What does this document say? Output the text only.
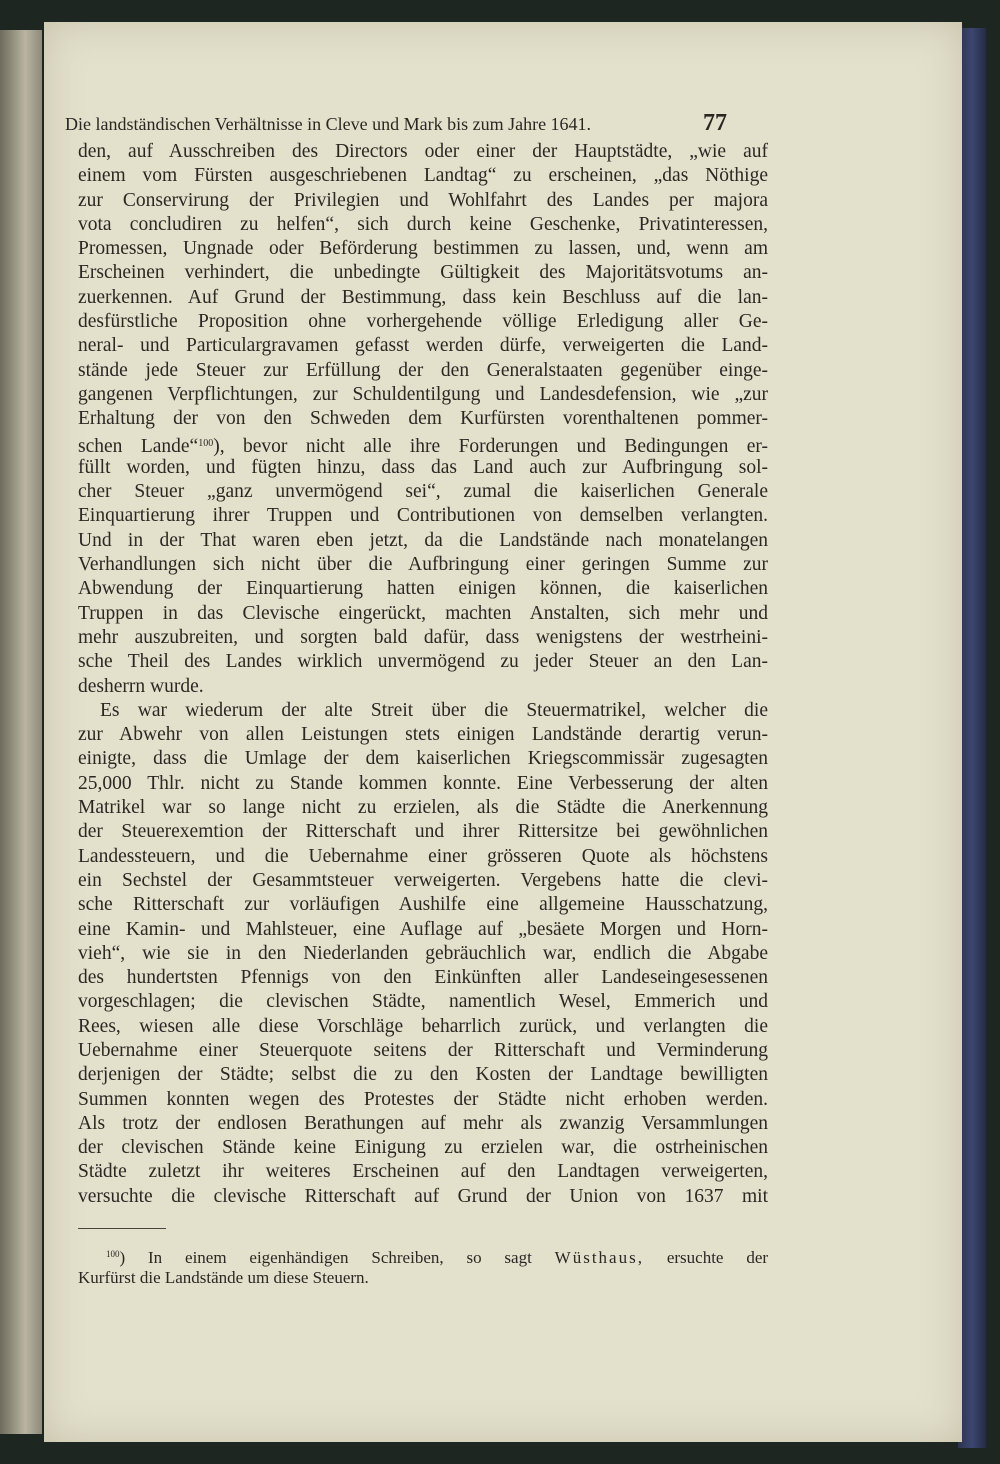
Die landständischen Verhältnisse in Cleve und Mark bis zum Jahre 1641.	77
den, auf Ausschreiben des Directors oder einer der Hauptstädte, „wie auf
einem vom Fürsten ausgeschriebenen Landtag“ zu erscheinen, „das Nöthige
zur Conservirung der Privilegien und Wohlfahrt des Landes per majora
vota concludiren zu helfen“, sich durch keine Geschenke, Privatinteressen,
Promessen, Ungnade oder Beförderung bestimmen zu lassen, und, wenn am
Erscheinen verhindert, die unbedingte Gültigkeit des Majoritätsvotums an-
zuerkennen. Auf Grund der Bestimmung, dass kein Beschluss auf die lan-
desfürstliche Proposition ohne vorhergehende völlige Erledigung aller Ge-
neral- und Particulargravamen gefasst werden dürfe, verweigerten die Land-
stände jede Steuer zur Erfüllung der den Generalstaaten gegenüber einge-
gangenen Verpflichtungen, zur Schuldentilgung und Landesdefension, wie „zur
Erhaltung der von den Schweden dem Kurfürsten vorenthaltenen pommer-
schen Lande“$^{100}$), bevor nicht alle ihre Forderungen und Bedingungen er-
füllt worden, und fügten hinzu, dass das Land auch zur Aufbringung sol-
cher Steuer „ganz unvermögend sei“, zumal die kaiserlichen Generale
Einquartierung ihrer Truppen und Contributionen von demselben verlangten.
Und in der That waren eben jetzt, da die Landstände nach monatelangen
Verhandlungen sich nicht über die Aufbringung einer geringen Summe zur
Abwendung der Einquartierung hatten einigen können, die kaiserlichen
Truppen in das Clevische eingerückt, machten Anstalten, sich mehr und
mehr auszubreiten, und sorgten bald dafür, dass wenigstens der westrheini-
sche Theil des Landes wirklich unvermögend zu jeder Steuer an den Lan-
desherrn wurde.
Es war wiederum der alte Streit über die Steuermatrikel, welcher die
zur Abwehr von allen Leistungen stets einigen Landstände derartig verun-
einigte, dass die Umlage der dem kaiserlichen Kriegscommissär zugesagten
25,000 Thlr. nicht zu Stande kommen konnte. Eine Verbesserung der alten
Matrikel war so lange nicht zu erzielen, als die Städte die Anerkennung
der Steuerexemtion der Ritterschaft und ihrer Rittersitze bei gewöhnlichen
Landessteuern, und die Uebernahme einer grösseren Quote als höchstens
ein Sechstel der Gesammtsteuer verweigerten. Vergebens hatte die clevi-
sche Ritterschaft zur vorläufigen Aushilfe eine allgemeine Hausschatzung,
eine Kamin- und Mahlsteuer, eine Auflage auf „besäete Morgen und Horn-
vieh“, wie sie in den Niederlanden gebräuchlich war, endlich die Abgabe
des hundertsten Pfennigs von den Einkünften aller Landeseingesessenen
vorgeschlagen; die clevischen Städte, namentlich Wesel, Emmerich und
Rees, wiesen alle diese Vorschläge beharrlich zurück, und verlangten die
Uebernahme einer Steuerquote seitens der Ritterschaft und Verminderung
derjenigen der Städte; selbst die zu den Kosten der Landtage bewilligten
Summen konnten wegen des Protestes der Städte nicht erhoben werden.
Als trotz der endlosen Berathungen auf mehr als zwanzig Versammlungen
der clevischen Stände keine Einigung zu erzielen war, die ostrheinischen
Städte zuletzt ihr weiteres Erscheinen auf den Landtagen verweigerten,
versuchte die clevische Ritterschaft auf Grund der Union von 1637 mit
$^{100}$) In einem eigenhändigen Schreiben, so sagt Wüsthaus, ersuchte der
Kurfürst die Landstände um diese Steuern.
